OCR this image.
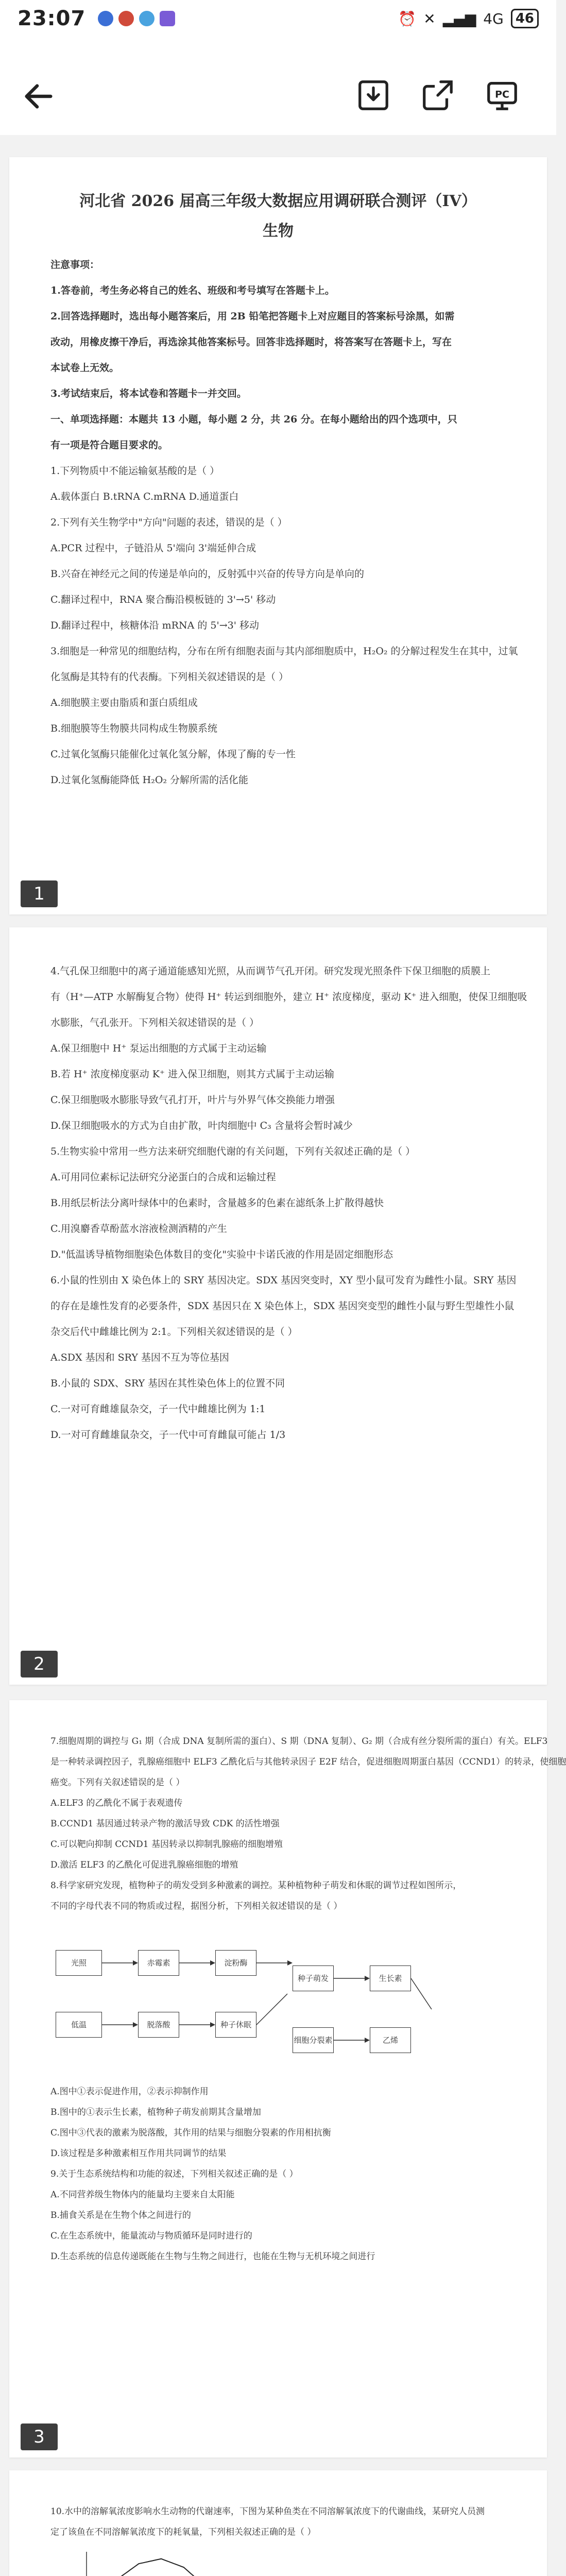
23:07	⏰ ✕ ▂▄▆ 4G 46
PC
河北省 2026 届高三年级大数据应用调研联合测评（IV）
生物
注意事项：
1.答卷前，考生务必将自己的姓名、班级和考号填写在答题卡上。
2.回答选择题时，选出每小题答案后，用 2B 铅笔把答题卡上对应题目的答案标号涂黑，如需
改动，用橡皮擦干净后，再选涂其他答案标号。回答非选择题时，将答案写在答题卡上，写在
本试卷上无效。
3.考试结束后，将本试卷和答题卡一并交回。
一、单项选择题：本题共 13 小题，每小题 2 分，共 26 分。在每小题给出的四个选项中，只
有一项是符合题目要求的。
1.下列物质中不能运输氨基酸的是（ ）
A.载体蛋白 B.tRNA C.mRNA D.通道蛋白
2.下列有关生物学中"方向"问题的表述，错误的是（ ）
A.PCR 过程中，子链沿从 5'端向 3'端延伸合成
B.兴奋在神经元之间的传递是单向的，反射弧中兴奋的传导方向是单向的
C.翻译过程中，RNA 聚合酶沿模板链的 3'→5' 移动
D.翻译过程中，核糖体沿 mRNA 的 5'→3' 移动
3.细胞是一种常见的细胞结构，分布在所有细胞表面与其内部细胞质中，H₂O₂ 的分解过程发生在其中，过氧
化氢酶是其特有的代表酶。下列相关叙述错误的是（ ）
A.细胞膜主要由脂质和蛋白质组成
B.细胞膜等生物膜共同构成生物膜系统
C.过氧化氢酶只能催化过氧化氢分解，体现了酶的专一性
D.过氧化氢酶能降低 H₂O₂ 分解所需的活化能
1
4.气孔保卫细胞中的离子通道能感知光照，从而调节气孔开闭。研究发现光照条件下保卫细胞的质膜上
有（H⁺—ATP 水解酶复合物）使得 H⁺ 转运到细胞外，建立 H⁺ 浓度梯度，驱动 K⁺ 进入细胞，使保卫细胞吸
水膨胀，气孔张开。下列相关叙述错误的是（ ）
A.保卫细胞中 H⁺ 泵运出细胞的方式属于主动运输
B.若 H⁺ 浓度梯度驱动 K⁺ 进入保卫细胞，则其方式属于主动运输
C.保卫细胞吸水膨胀导致气孔打开，叶片与外界气体交换能力增强
D.保卫细胞吸水的方式为自由扩散，叶肉细胞中 C₃ 含量将会暂时减少
5.生物实验中常用一些方法来研究细胞代谢的有关问题，下列有关叙述正确的是（ ）
A.可用同位素标记法研究分泌蛋白的合成和运输过程
B.用纸层析法分离叶绿体中的色素时，含量越多的色素在滤纸条上扩散得越快
C.用溴麝香草酚蓝水溶液检测酒精的产生
D."低温诱导植物细胞染色体数目的变化"实验中卡诺氏液的作用是固定细胞形态
6.小鼠的性别由 X 染色体上的 SRY 基因决定。SDX 基因突变时，XY 型小鼠可发育为雌性小鼠。SRY 基因
的存在是雄性发育的必要条件，SDX 基因只在 X 染色体上，SDX 基因突变型的雌性小鼠与野生型雄性小鼠
杂交后代中雌雄比例为 2:1。下列相关叙述错误的是（ ）
A.SDX 基因和 SRY 基因不互为等位基因
B.小鼠的 SDX、SRY 基因在其性染色体上的位置不同
C.一对可育雌雄鼠杂交，子一代中雌雄比例为 1:1
D.一对可育雌雄鼠杂交，子一代中可育雌鼠可能占 1/3
2
7.细胞周期的调控与 G₁ 期（合成 DNA 复制所需的蛋白）、S 期（DNA 复制）、G₂ 期（合成有丝分裂所需的蛋白）有关。ELF3
是一种转录调控因子，乳腺癌细胞中 ELF3 乙酰化后与其他转录因子 E2F 结合，促进细胞周期蛋白基因（CCND1）的转录，使细胞
癌变。下列有关叙述错误的是（ ）
A.ELF3 的乙酰化不属于表观遗传
B.CCND1 基因通过转录产物的激活导致 CDK 的活性增强
C.可以靶向抑制 CCND1 基因转录以抑制乳腺癌的细胞增殖
D.激活 ELF3 的乙酰化可促进乳腺癌细胞的增殖
8.科学家研究发现，植物种子的萌发受到多种激素的调控。某种植物种子萌发和休眠的调节过程如图所示，
不同的字母代表不同的物质或过程，据图分析，下列相关叙述错误的是（ ）
光照	赤霉素	淀粉酶
种子萌发
低温	脱落酸	种子休眠
细胞分裂素
生长素
乙烯
A.图中①表示促进作用，②表示抑制作用
B.图中的①表示生长素，植物种子萌发前期其含量增加
C.图中③代表的激素为脱落酸，其作用的结果与细胞分裂素的作用相抗衡
D.该过程是多种激素相互作用共同调节的结果
9.关于生态系统结构和功能的叙述，下列相关叙述正确的是（ ）
A.不同营养级生物体内的能量均主要来自太阳能
B.捕食关系是在生物个体之间进行的
C.在生态系统中，能量流动与物质循环是同时进行的
D.生态系统的信息传递既能在生物与生物之间进行，也能在生物与无机环境之间进行
3
10.水中的溶解氧浓度影响水生动物的代谢速率，下图为某种鱼类在不同溶解氧浓度下的代谢曲线，某研究人员测
定了该鱼在不同溶解氧浓度下的耗氧量，下列相关叙述正确的是（ ）
